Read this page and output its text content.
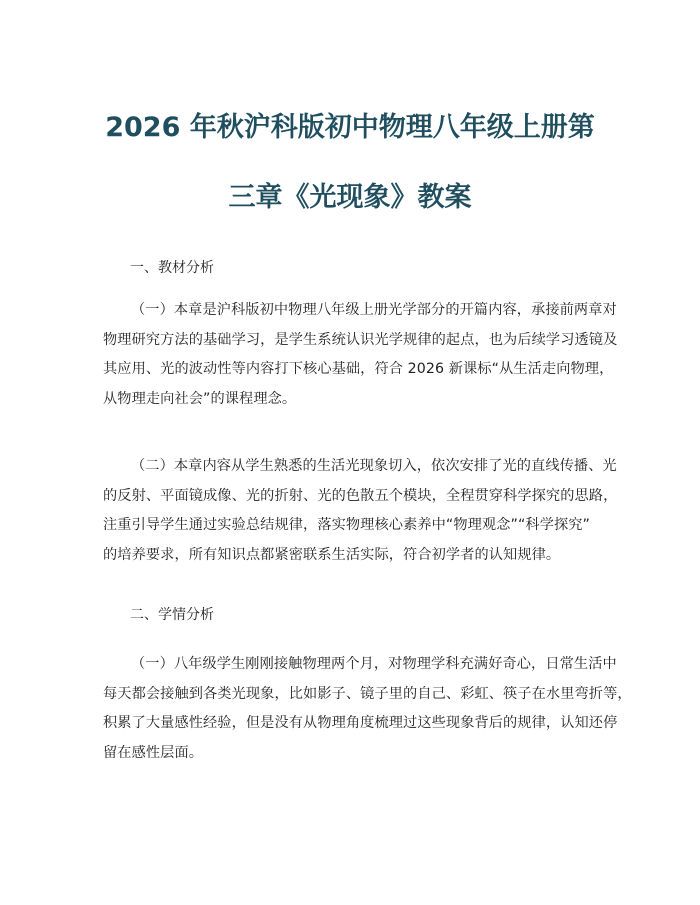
2026 年秋沪科版初中物理八年级上册第
三章《光现象》教案
一、教材分析
（一）本章是沪科版初中物理八年级上册光学部分的开篇内容，承接前两章对
物理研究方法的基础学习，是学生系统认识光学规律的起点，也为后续学习透镜及
其应用、光的波动性等内容打下核心基础，符合 2026 新课标“从生活走向物理，
从物理走向社会”的课程理念。
（二）本章内容从学生熟悉的生活光现象切入，依次安排了光的直线传播、光
的反射、平面镜成像、光的折射、光的色散五个模块，全程贯穿科学探究的思路，
注重引导学生通过实验总结规律，落实物理核心素养中“物理观念”“科学探究”
的培养要求，所有知识点都紧密联系生活实际，符合初学者的认知规律。
二、学情分析
（一）八年级学生刚刚接触物理两个月，对物理学科充满好奇心，日常生活中
每天都会接触到各类光现象，比如影子、镜子里的自己、彩虹、筷子在水里弯折等，
积累了大量感性经验，但是没有从物理角度梳理过这些现象背后的规律，认知还停
留在感性层面。
